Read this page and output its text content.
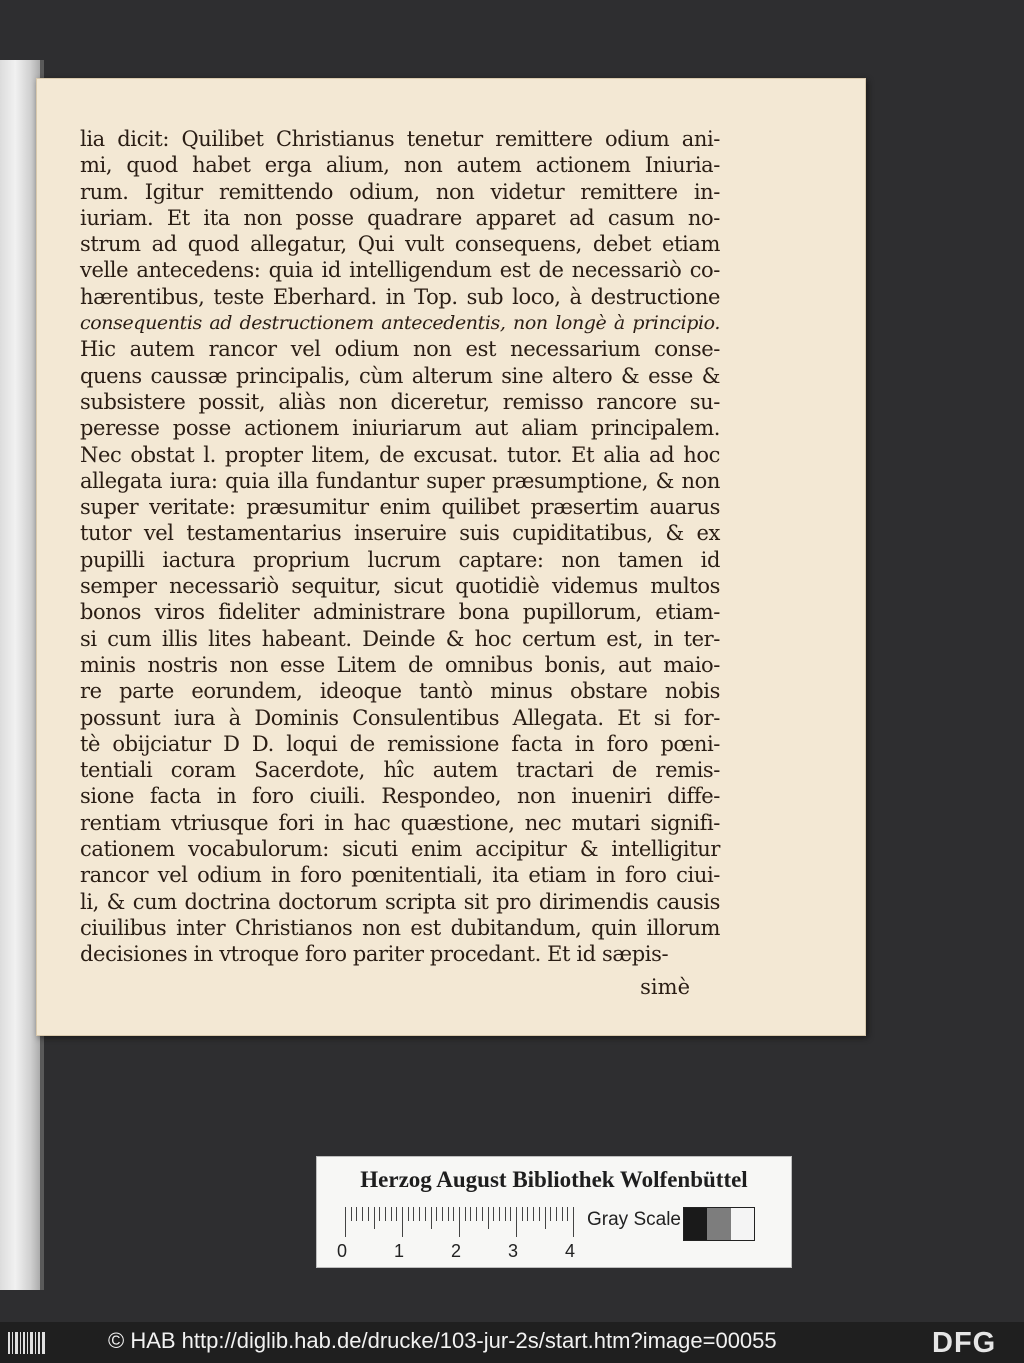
lia dicit: Quilibet Christianus tenetur remittere odium ani-
mi, quod habet erga alium, non autem actionem Iniuria-
rum. Igitur remittendo odium, non videtur remittere in-
iuriam. Et ita non posse quadrare apparet ad casum no-
strum ad quod allegatur, Qui vult consequens, debet etiam
velle antecedens: quia id intelligendum est de necessariò co-
hærentibus, teste Eberhard. in Top. sub loco, à destructione
consequentis ad destructionem antecedentis, non longè à principio.
Hic autem rancor vel odium non est necessarium conse-
quens caussæ principalis, cùm alterum sine altero & esse &
subsistere possit, aliàs non diceretur, remisso rancore su-
peresse posse actionem iniuriarum aut aliam principalem.
Nec obstat l. propter litem, de excusat. tutor. Et alia ad hoc
allegata iura: quia illa fundantur super præsumptione, & non
super veritate: præsumitur enim quilibet præsertim auarus
tutor vel testamentarius inseruire suis cupiditatibus, & ex
pupilli iactura proprium lucrum captare: non tamen id
semper necessariò sequitur, sicut quotidiè videmus multos
bonos viros fideliter administrare bona pupillorum, etiam-
si cum illis lites habeant. Deinde & hoc certum est, in ter-
minis nostris non esse Litem de omnibus bonis, aut maio-
re parte eorundem, ideoque tantò minus obstare nobis
possunt iura à Dominis Consulentibus Allegata. Et si for-
tè obijciatur D D. loqui de remissione facta in foro pœni-
tentiali coram Sacerdote, hîc autem tractari de remis-
sione facta in foro ciuili. Respondeo, non inueniri diffe-
rentiam vtriusque fori in hac quæstione, nec mutari signifi-
cationem vocabulorum: sicuti enim accipitur & intelligitur
rancor vel odium in foro pœnitentiali, ita etiam in foro ciui-
li, & cum doctrina doctorum scripta sit pro dirimendis causis
ciuilibus inter Christianos non est dubitandum, quin illorum
decisiones in vtroque foro pariter procedant. Et id sæpis-
simè
Herzog August Bibliothek Wolfenbüttel
0	1	2	3	4
Gray Scale
© HAB http://diglib.hab.de/drucke/103-jur-2s/start.htm?image=00055	DFG
